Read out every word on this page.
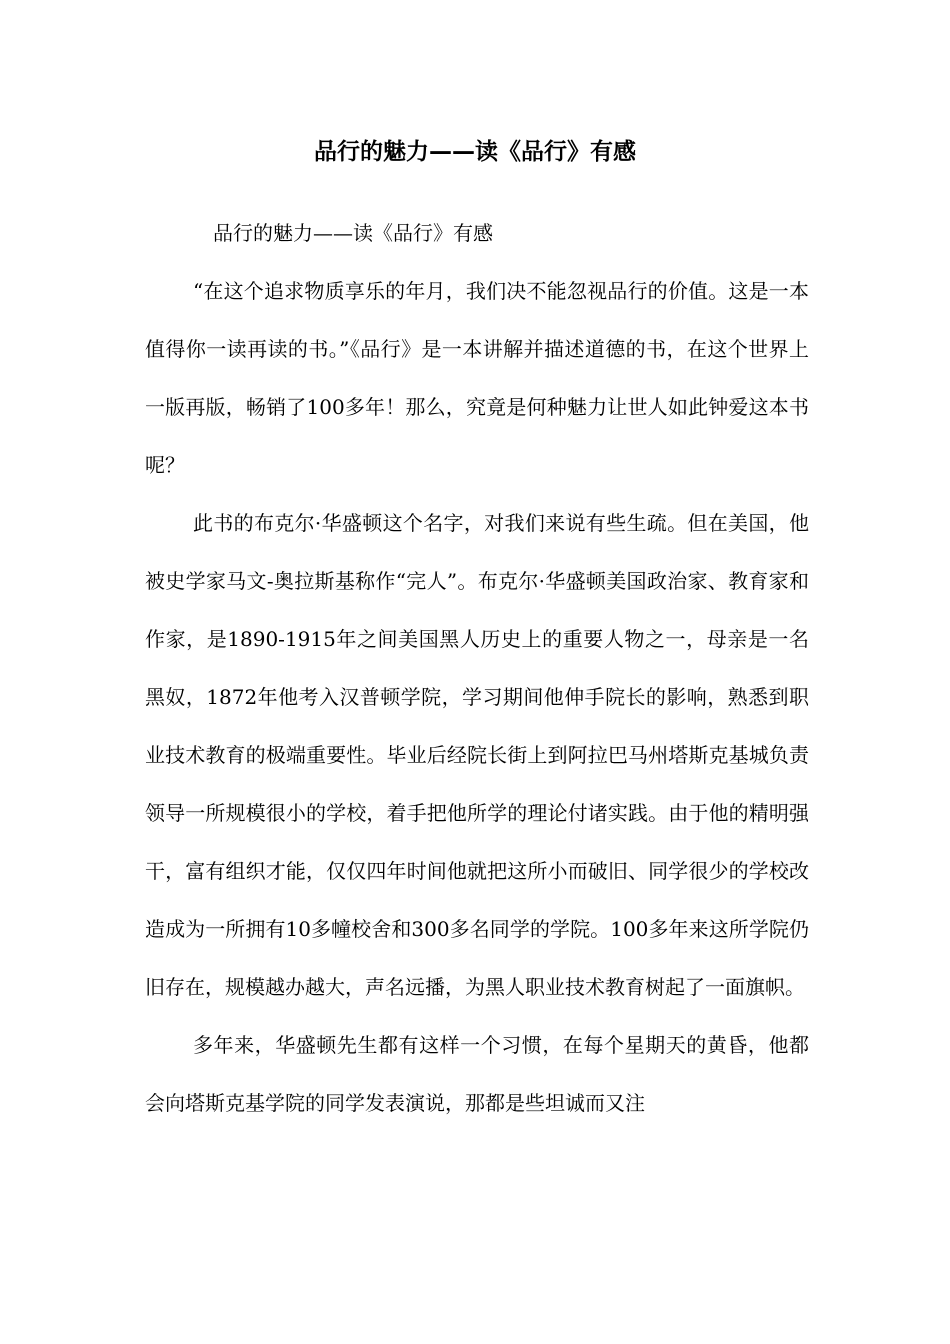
品行的魅力——读《品行》有感

品行的魅力——读《品行》有感

“在这个追求物质享乐的年月，我们决不能忽视品行的价值。这是一本值得你一读再读的书。”《品行》是一本讲解并描述道德的书，在这个世界上一版再版，畅销了100多年！那么，究竟是何种魅力让世人如此钟爱这本书呢？

此书的布克尔·华盛顿这个名字，对我们来说有些生疏。但在美国，他被史学家马文-奥拉斯基称作“完人”。布克尔·华盛顿美国政治家、教育家和作家，是1890-1915年之间美国黑人历史上的重要人物之一，母亲是一名黑奴，1872年他考入汉普顿学院，学习期间他伸手院长的影响，熟悉到职业技术教育的极端重要性。毕业后经院长街上到阿拉巴马州塔斯克基城负责领导一所规模很小的学校，着手把他所学的理论付诸实践。由于他的精明强干，富有组织才能，仅仅四年时间他就把这所小而破旧、同学很少的学校改造成为一所拥有10多幢校舍和300多名同学的学院。100多年来这所学院仍旧存在，规模越办越大，声名远播，为黑人职业技术教育树起了一面旗帜。

多年来，华盛顿先生都有这样一个习惯，在每个星期天的黄昏，他都会向塔斯克基学院的同学发表演说，那都是些坦诚而又注
